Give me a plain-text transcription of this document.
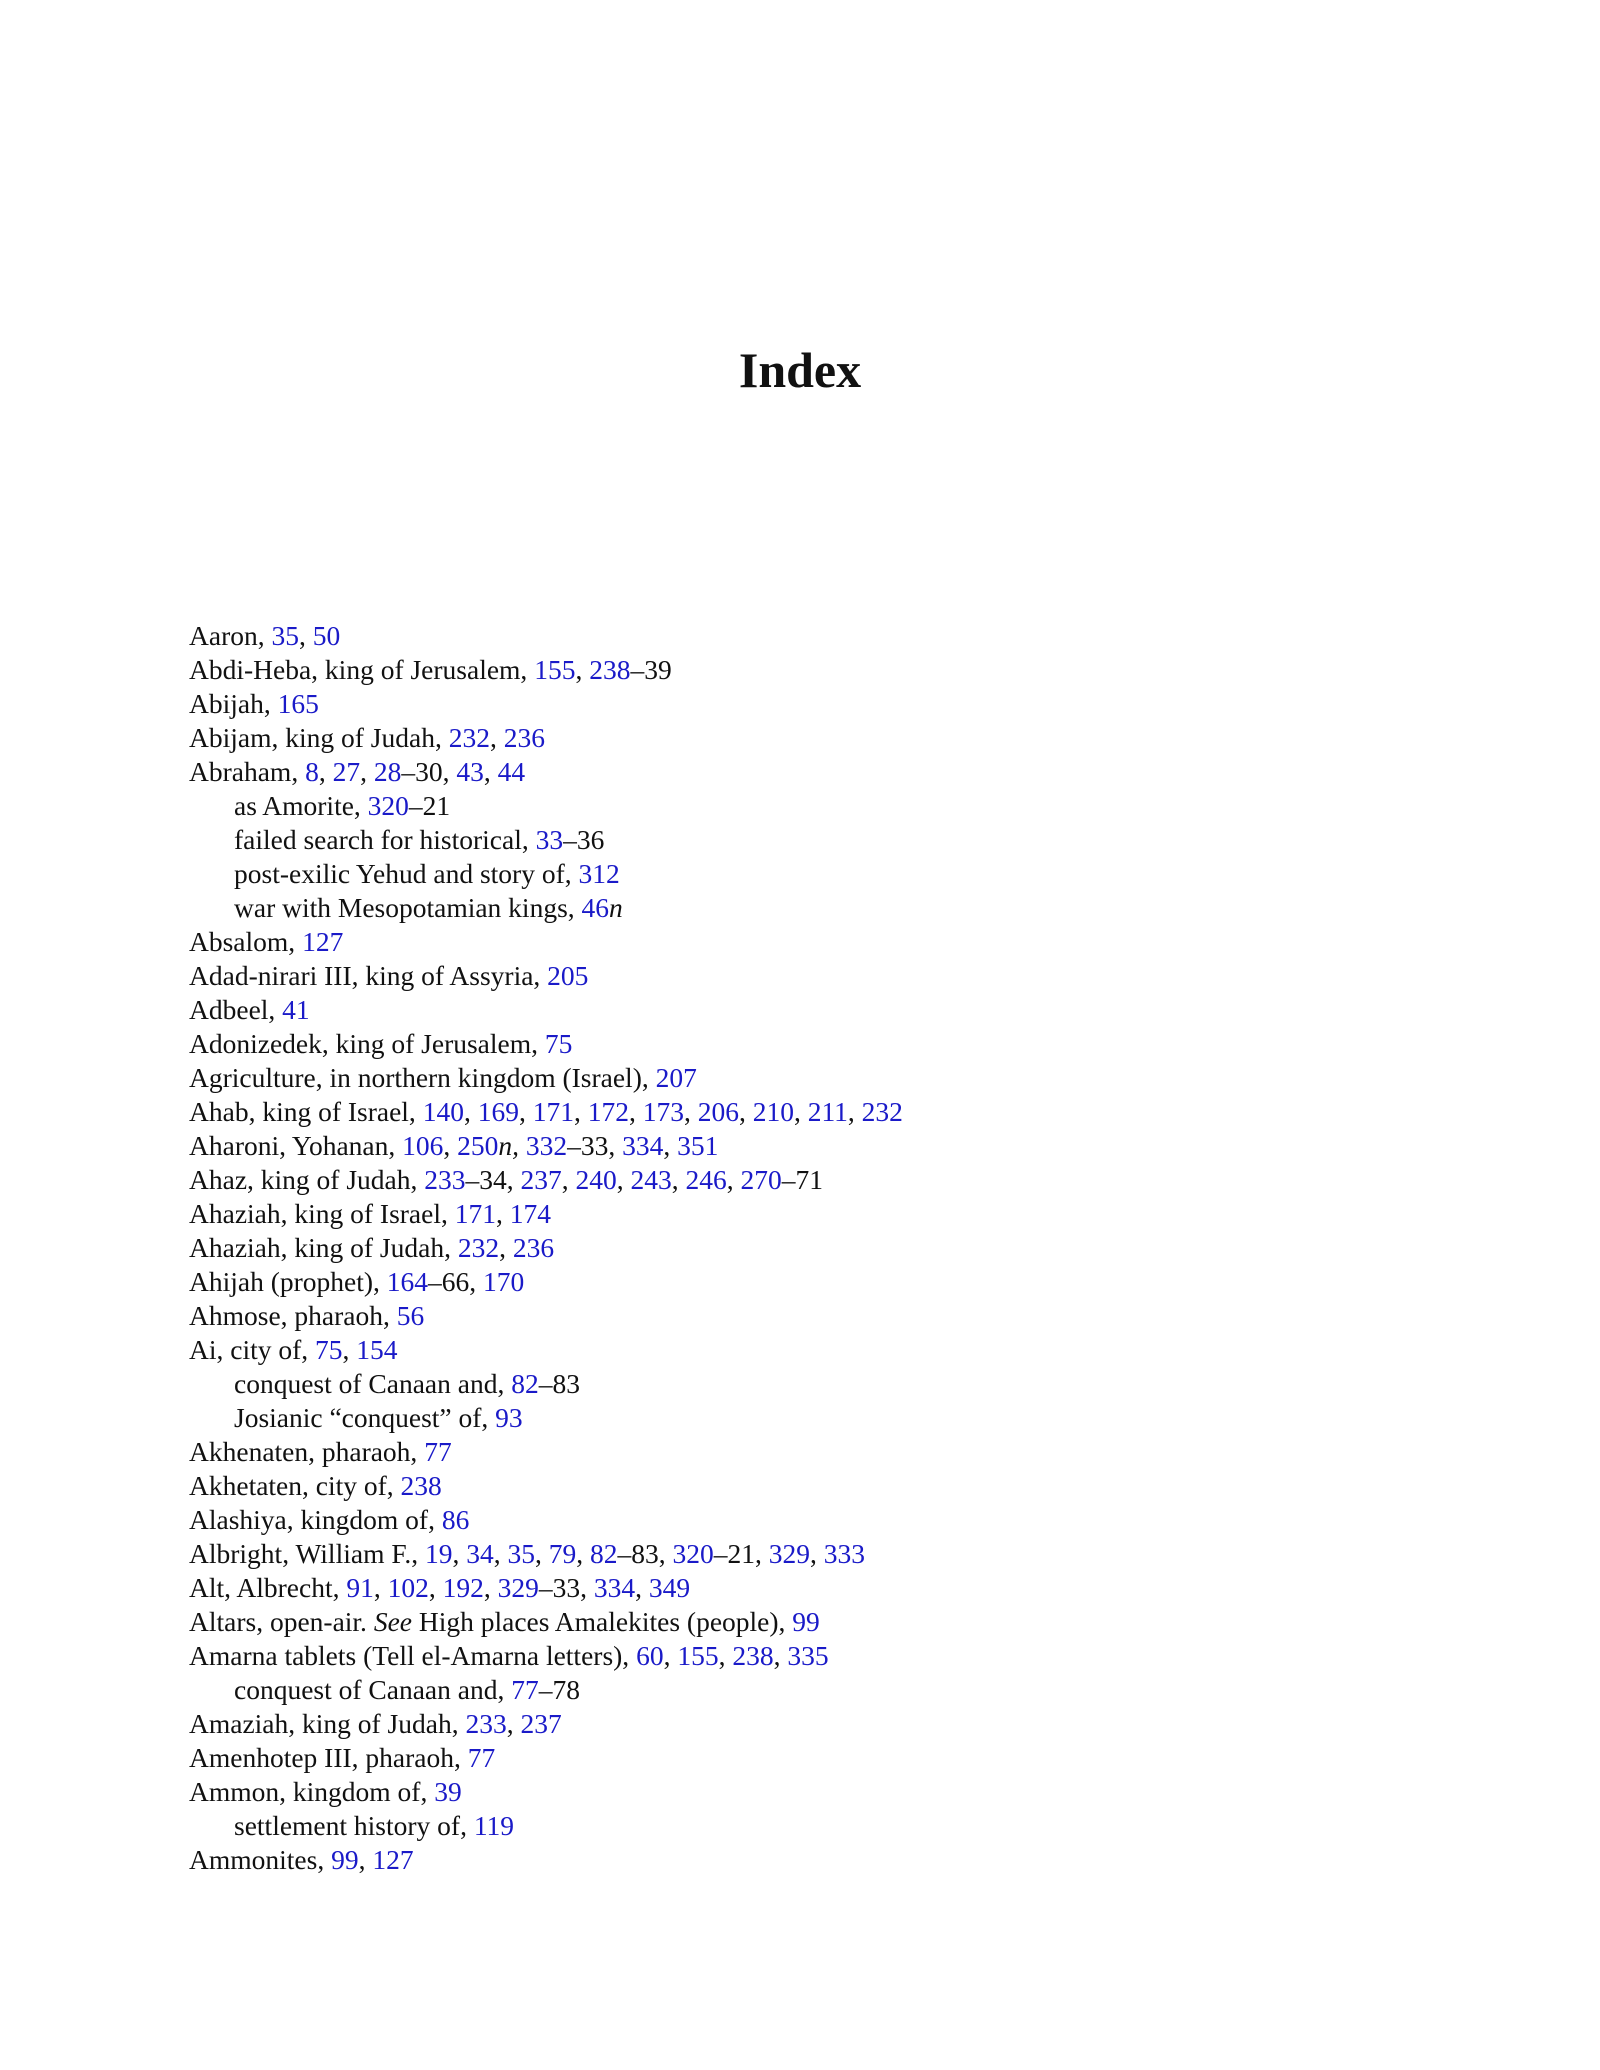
Index
Aaron, 35, 50
Abdi-Heba, king of Jerusalem, 155, 238–39
Abijah, 165
Abijam, king of Judah, 232, 236
Abraham, 8, 27, 28–30, 43, 44
as Amorite, 320–21
failed search for historical, 33–36
post-exilic Yehud and story of, 312
war with Mesopotamian kings, 46n
Absalom, 127
Adad-nirari III, king of Assyria, 205
Adbeel, 41
Adonizedek, king of Jerusalem, 75
Agriculture, in northern kingdom (Israel), 207
Ahab, king of Israel, 140, 169, 171, 172, 173, 206, 210, 211, 232
Aharoni, Yohanan, 106, 250n, 332–33, 334, 351
Ahaz, king of Judah, 233–34, 237, 240, 243, 246, 270–71
Ahaziah, king of Israel, 171, 174
Ahaziah, king of Judah, 232, 236
Ahijah (prophet), 164–66, 170
Ahmose, pharaoh, 56
Ai, city of, 75, 154
conquest of Canaan and, 82–83
Josianic “conquest” of, 93
Akhenaten, pharaoh, 77
Akhetaten, city of, 238
Alashiya, kingdom of, 86
Albright, William F., 19, 34, 35, 79, 82–83, 320–21, 329, 333
Alt, Albrecht, 91, 102, 192, 329–33, 334, 349
Altars, open-air. See High places Amalekites (people), 99
Amarna tablets (Tell el-Amarna letters), 60, 155, 238, 335
conquest of Canaan and, 77–78
Amaziah, king of Judah, 233, 237
Amenhotep III, pharaoh, 77
Ammon, kingdom of, 39
settlement history of, 119
Ammonites, 99, 127
